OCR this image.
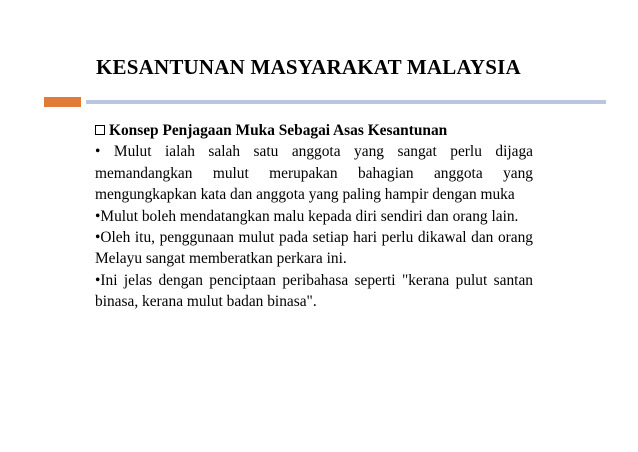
KESANTUNAN MASYARAKAT MALAYSIA

Konsep Penjagaan Muka Sebagai Asas Kesantunan

• Mulut ialah salah satu anggota yang sangat perlu dijaga memandangkan mulut merupakan bahagian anggota yang mengungkapkan kata dan anggota yang paling hampir dengan muka

•Mulut boleh mendatangkan malu kepada diri sendiri dan orang lain.

•Oleh itu, penggunaan mulut pada setiap hari perlu dikawal dan orang Melayu sangat memberatkan perkara ini.

•Ini jelas dengan penciptaan peribahasa seperti "kerana pulut santan binasa, kerana mulut badan binasa".
